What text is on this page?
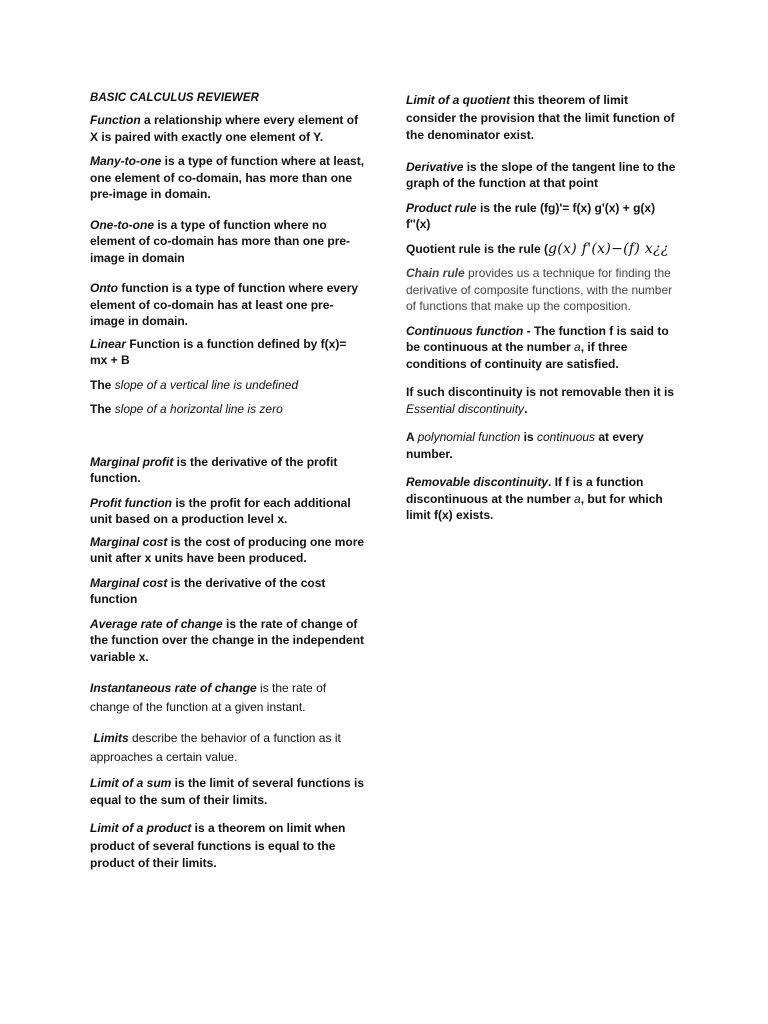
BASIC CALCULUS REVIEWER

Function a relationship where every element of X is paired with exactly one element of Y.

Many-to-one is a type of function where at least, one element of co-domain, has more than one pre-image in domain.

One-to-one is a type of function where no element of co-domain has more than one pre-image in domain

Onto function is a type of function where every element of co-domain has at least one pre-image in domain.

Linear Function is a function defined by f(x)= mx + B

The slope of a vertical line is undefined

The slope of a horizontal line is zero

Marginal profit is the derivative of the profit function.

Profit function is the profit for each additional unit based on a production level x.

Marginal cost is the cost of producing one more unit after x units have been produced.

Marginal cost is the derivative of the cost function

Average rate of change is the rate of change of the function over the change in the independent variable x.

Instantaneous rate of change is the rate of change of the function at a given instant.

Limits describe the behavior of a function as it approaches a certain value.

Limit of a sum is the limit of several functions is equal to the sum of their limits.

Limit of a product is a theorem on limit when product of several functions is equal to the product of their limits.

Limit of a quotient this theorem of limit consider the provision that the limit function of the denominator exist.

Derivative is the slope of the tangent line to the graph of the function at that point

Product rule is the rule (fg)'= f(x) g'(x) + g(x) f''(x)

Quotient rule is the rule (g(x) f'(x)−(f) x¿¿

Chain rule provides us a technique for finding the derivative of composite functions, with the number of functions that make up the composition.

Continuous function - The function f is said to be continuous at the number a, if three conditions of continuity are satisfied.

If such discontinuity is not removable then it is Essential discontinuity.

A polynomial function is continuous at every number.

Removable discontinuity. If f is a function discontinuous at the number a, but for which limit f(x) exists.
